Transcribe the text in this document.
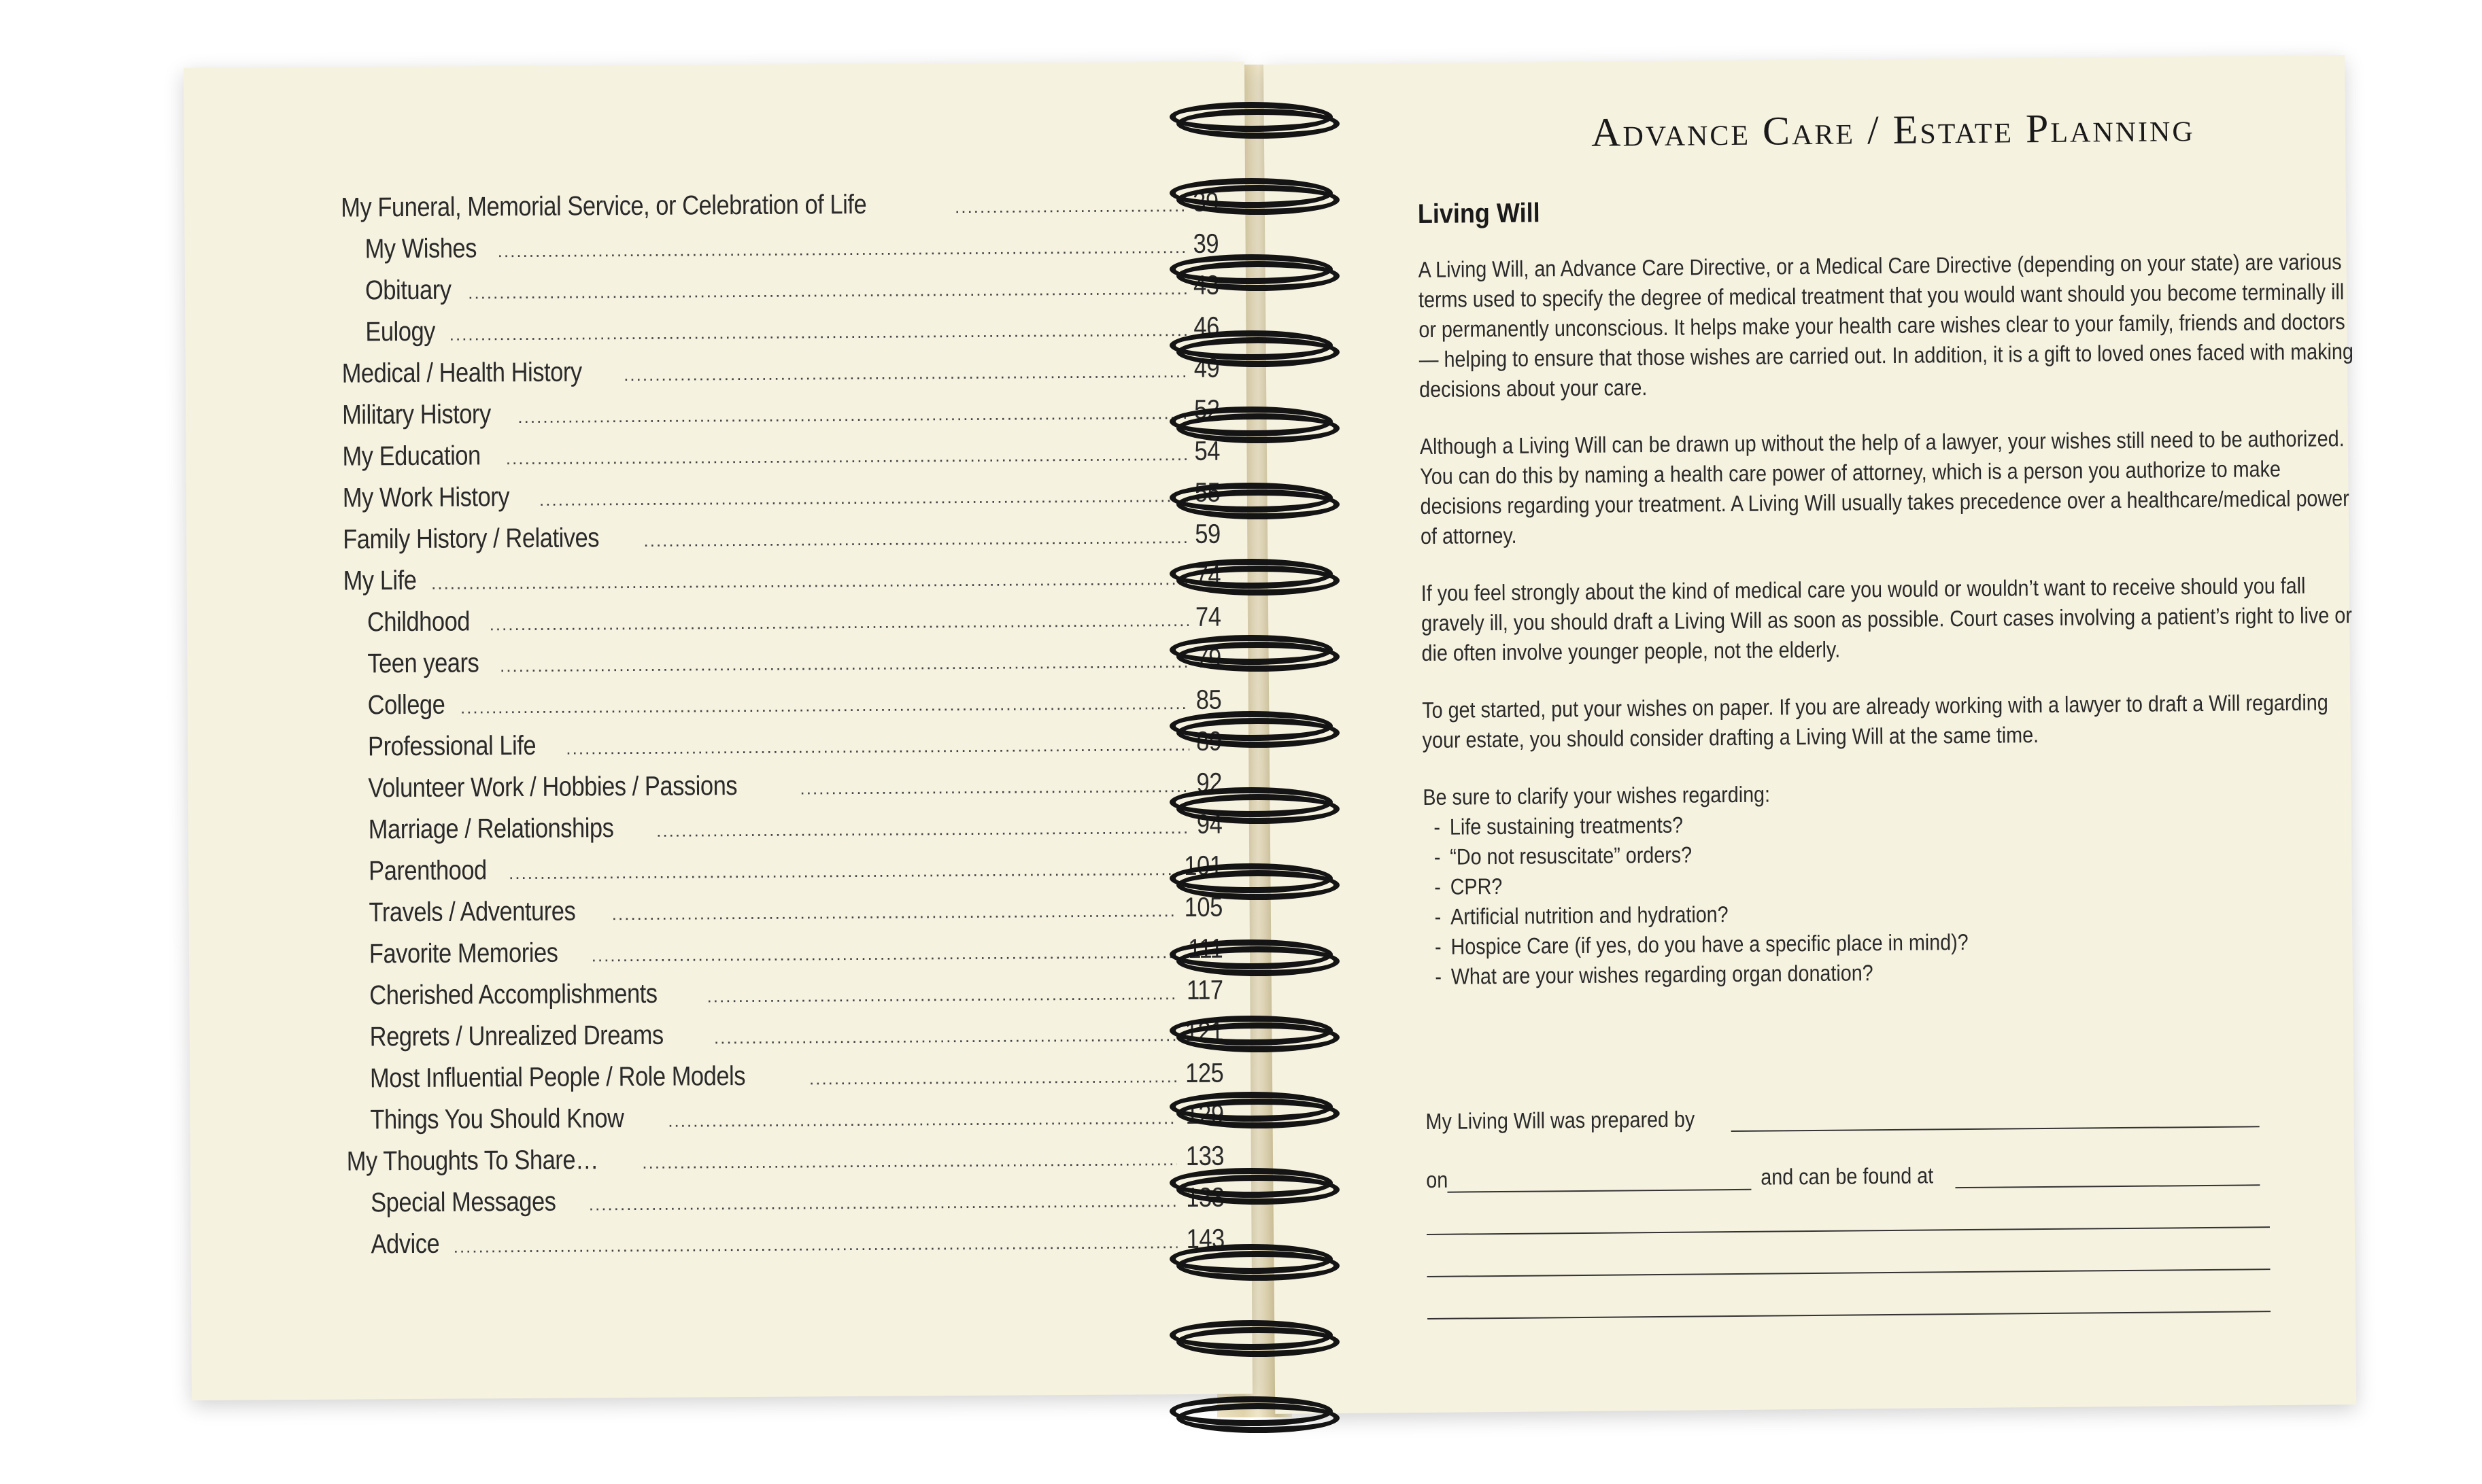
My Funeral, Memorial Service, or Celebration of Life .....	39
My Wishes .....	39
Obituary .....	43
Eulogy .....	46
Medical / Health History .....	49
Military History .....	52
My Education .....	54
My Work History .....	55
Family History / Relatives .....	59
My Life .....	74
Childhood .....	74
Teen years .....	79
College .....	85
Professional Life .....	89
Volunteer Work / Hobbies / Passions .....	92
Marriage / Relationships .....	94
Parenthood .....	101
Travels / Adventures .....	105
Favorite Memories .....	111
Cherished Accomplishments .....	117
Regrets / Unrealized Dreams .....	121
Most Influential People / Role Models .....	125
Things You Should Know .....	129
My Thoughts To Share… .....	133
Special Messages .....	133
Advice .....	143
Advance Care / Estate Planning
Living Will

A Living Will, an Advance Care Directive, or a Medical Care Directive (depending on your state) are various terms used to specify the degree of medical treatment that you would want should you become terminally ill or permanently unconscious. It helps make your health care wishes clear to your family, friends and doctors — helping to ensure that those wishes are carried out. In addition, it is a gift to loved ones faced with making decisions about your care.

Although a Living Will can be drawn up without the help of a lawyer, your wishes still need to be authorized. You can do this by naming a health care power of attorney, which is a person you authorize to make decisions regarding your treatment. A Living Will usually takes precedence over a healthcare/medical power of attorney.

If you feel strongly about the kind of medical care you would or wouldn’t want to receive should you fall gravely ill, you should draft a Living Will as soon as possible. Court cases involving a patient’s right to live or die often involve younger people, not the elderly.

To get started, put your wishes on paper. If you are already working with a lawyer to draft a Will regarding your estate, you should consider drafting a Living Will at the same time.

Be sure to clarify your wishes regarding:
- Life sustaining treatments?
- “Do not resuscitate” orders?
- CPR?
- Artificial nutrition and hydration?
- Hospice Care (if yes, do you have a specific place in mind)?
- What are your wishes regarding organ donation?
My Living Will was prepared by
on	and can be found at
